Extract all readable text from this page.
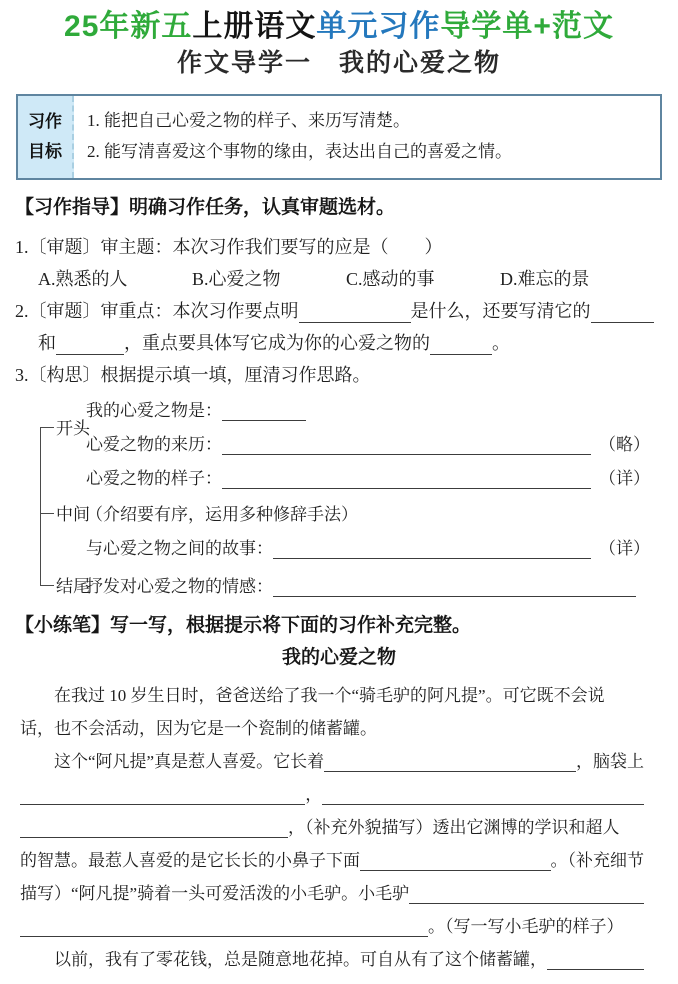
25年新五上册语文单元习作导学单+范文
作文导学一　我的心爱之物
习作
目标
1. 能把自己心爱之物的样子、来历写清楚。
2. 能写清喜爱这个事物的缘由，表达出自己的喜爱之情。
【习作指导】明确习作任务，认真审题选材。
1.〔审题〕审主题：本次习作我们要写的应是（　　）
A.熟悉的人	B.心爱之物	C.感动的事	D.难忘的景
2.〔审题〕审重点：本次习作要点明	是什么，还要写清它的
和	，重点要具体写它成为你的心爱之物的	。
3.〔构思〕根据提示填一填，厘清习作思路。
开头
中间
结尾
我的心爱之物是：
心爱之物的来历：	（略）
心爱之物的样子：	（详）
（介绍要有序，运用多种修辞手法）
与心爱之物之间的故事：	（详）
抒发对心爱之物的情感：
【小练笔】写一写，根据提示将下面的习作补充完整。
我的心爱之物
在我过 10 岁生日时，爸爸送给了我一个“骑毛驴的阿凡提”。可它既不会说
话，也不会活动，因为它是一个瓷制的储蓄罐。
这个“阿凡提”真是惹人喜爱。它长着	，脑袋上
，
，（补充外貌描写）透出它渊博的学识和超人
的智慧。最惹人喜爱的是它长长的小鼻子下面	。（补充细节
描写）“阿凡提”骑着一头可爱活泼的小毛驴。小毛驴
。（写一写小毛驴的样子）
以前，我有了零花钱，总是随意地花掉。可自从有了这个储蓄罐，
